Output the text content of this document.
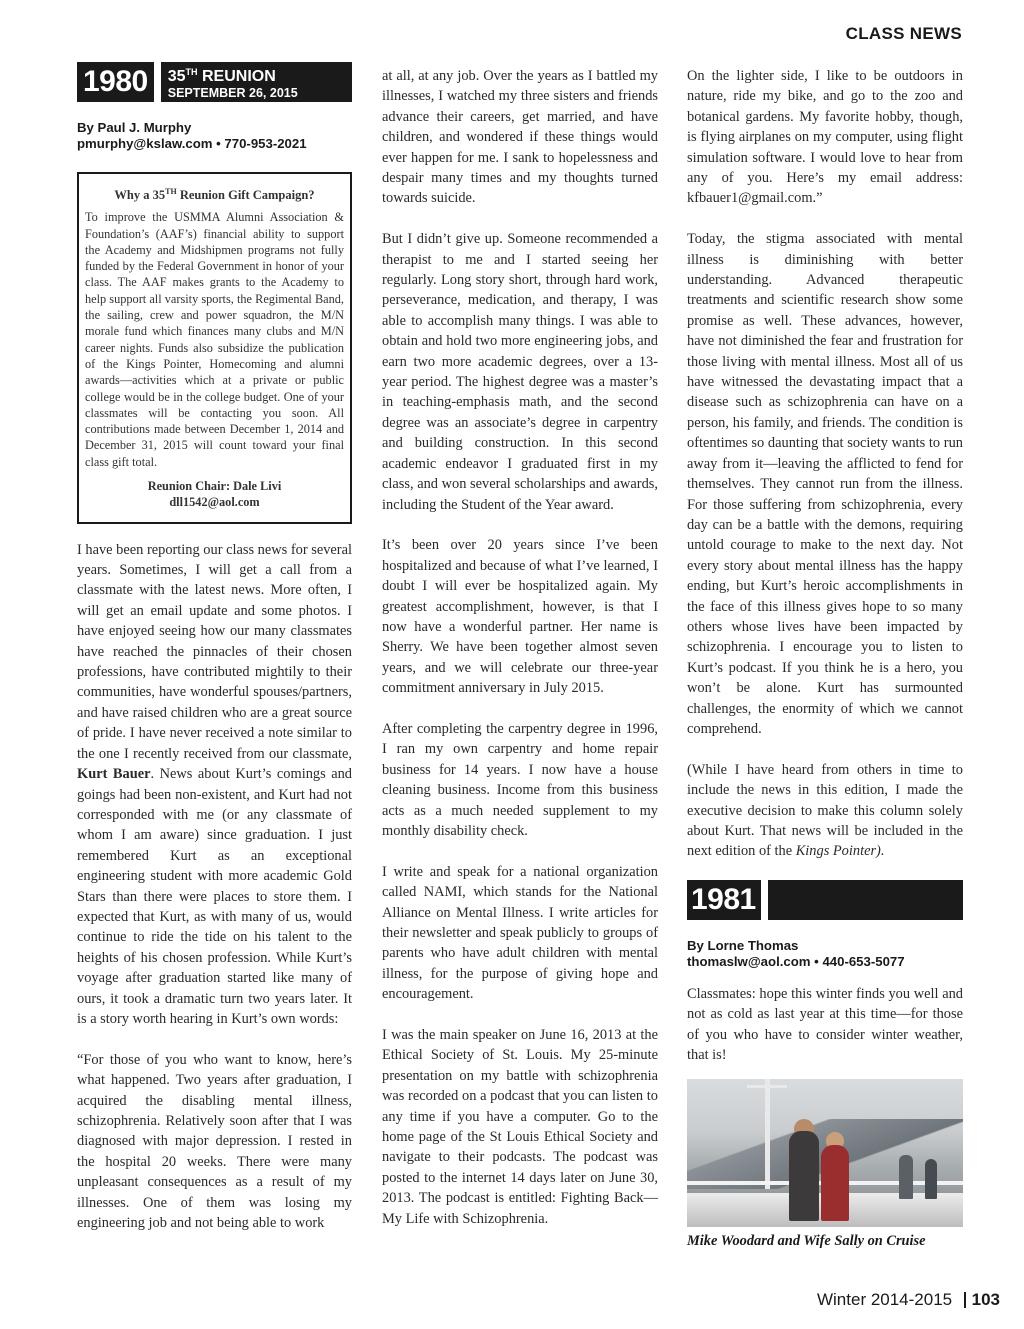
CLASS NEWS
1980	35TH REUNION
SEPTEMBER 26, 2015
By Paul J. Murphy
pmurphy@kslaw.com • 770-953-2021
Why a 35TH Reunion Gift Campaign?
To improve the USMMA Alumni Association & Foundation’s (AAF’s) financial ability to support the Academy and Midshipmen programs not fully funded by the Federal Government in honor of your class. The AAF makes grants to the Academy to help support all varsity sports, the Regimental Band, the sailing, crew and power squadron, the M/N morale fund which finances many clubs and M/N career nights. Funds also subsidize the publication of the Kings Pointer, Homecoming and alumni awards—activities which at a private or public college would be in the college budget. One of your classmates will be contacting you soon. All contributions made between December 1, 2014 and December 31, 2015 will count toward your final class gift total.
Reunion Chair: Dale Livi
dll1542@aol.com

I have been reporting our class news for several years. Sometimes, I will get a call from a classmate with the latest news. More often, I will get an email update and some photos. I have enjoyed seeing how our many classmates have reached the pinnacles of their chosen professions, have contributed mightily to their communities, have wonderful spouses/partners, and have raised children who are a great source of pride. I have never received a note similar to the one I recently received from our classmate, Kurt Bauer. News about Kurt’s comings and goings had been non-existent, and Kurt had not corresponded with me (or any classmate of whom I am aware) since graduation. I just remembered Kurt as an exceptional engineering student with more academic Gold Stars than there were places to store them. I expected that Kurt, as with many of us, would continue to ride the tide on his talent to the heights of his chosen profession. While Kurt’s voyage after graduation started like many of ours, it took a dramatic turn two years later. It is a story worth hearing in Kurt’s own words:

“For those of you who want to know, here’s what happened. Two years after graduation, I acquired the disabling mental illness, schizophrenia. Relatively soon after that I was diagnosed with major depression. I rested in the hospital 20 weeks. There were many unpleasant consequences as a result of my illnesses. One of them was losing my engineering job and not being able to work

at all, at any job. Over the years as I battled my illnesses, I watched my three sisters and friends advance their careers, get married, and have children, and wondered if these things would ever happen for me. I sank to hopelessness and despair many times and my thoughts turned towards suicide.

But I didn’t give up. Someone recommended a therapist to me and I started seeing her regularly. Long story short, through hard work, perseverance, medication, and therapy, I was able to accomplish many things. I was able to obtain and hold two more engineering jobs, and earn two more academic degrees, over a 13-year period. The highest degree was a master’s in teaching-emphasis math, and the second degree was an associate’s degree in carpentry and building construction. In this second academic endeavor I graduated first in my class, and won several scholarships and awards, including the Student of the Year award.

It’s been over 20 years since I’ve been hospitalized and because of what I’ve learned, I doubt I will ever be hospitalized again. My greatest accomplishment, however, is that I now have a wonderful partner. Her name is Sherry. We have been together almost seven years, and we will celebrate our three-year commitment anniversary in July 2015.

After completing the carpentry degree in 1996, I ran my own carpentry and home repair business for 14 years. I now have a house cleaning business. Income from this business acts as a much needed supplement to my monthly disability check.

I write and speak for a national organization called NAMI, which stands for the National Alliance on Mental Illness. I write articles for their newsletter and speak publicly to groups of parents who have adult children with mental illness, for the purpose of giving hope and encouragement.

I was the main speaker on June 16, 2013 at the Ethical Society of St. Louis. My 25-minute presentation on my battle with schizophrenia was recorded on a podcast that you can listen to any time if you have a computer. Go to the home page of the St Louis Ethical Society and navigate to their podcasts. The podcast was posted to the internet 14 days later on June 30, 2013. The podcast is entitled: Fighting Back—My Life with Schizophrenia.

On the lighter side, I like to be outdoors in nature, ride my bike, and go to the zoo and botanical gardens. My favorite hobby, though, is flying airplanes on my computer, using flight simulation software. I would love to hear from any of you. Here’s my email address: kfbauer1@gmail.com.”

Today, the stigma associated with mental illness is diminishing with better understanding. Advanced therapeutic treatments and scientific research show some promise as well. These advances, however, have not diminished the fear and frustration for those living with mental illness. Most all of us have witnessed the devastating impact that a disease such as schizophrenia can have on a person, his family, and friends. The condition is oftentimes so daunting that society wants to run away from it—leaving the afflicted to fend for themselves. They cannot run from the illness. For those suffering from schizophrenia, every day can be a battle with the demons, requiring untold courage to make to the next day. Not every story about mental illness has the happy ending, but Kurt’s heroic accomplishments in the face of this illness gives hope to so many others whose lives have been impacted by schizophrenia. I encourage you to listen to Kurt’s podcast. If you think he is a hero, you won’t be alone. Kurt has surmounted challenges, the enormity of which we cannot comprehend.

(While I have heard from others in time to include the news in this edition, I made the executive decision to make this column solely about Kurt. That news will be included in the next edition of the Kings Pointer).

1981
By Lorne Thomas
thomaslw@aol.com • 440-653-5077

Classmates: hope this winter finds you well and not as cold as last year at this time—for those of you who have to consider winter weather, that is!

Mike Woodard and Wife Sally on Cruise
Winter 2014-2015 103
